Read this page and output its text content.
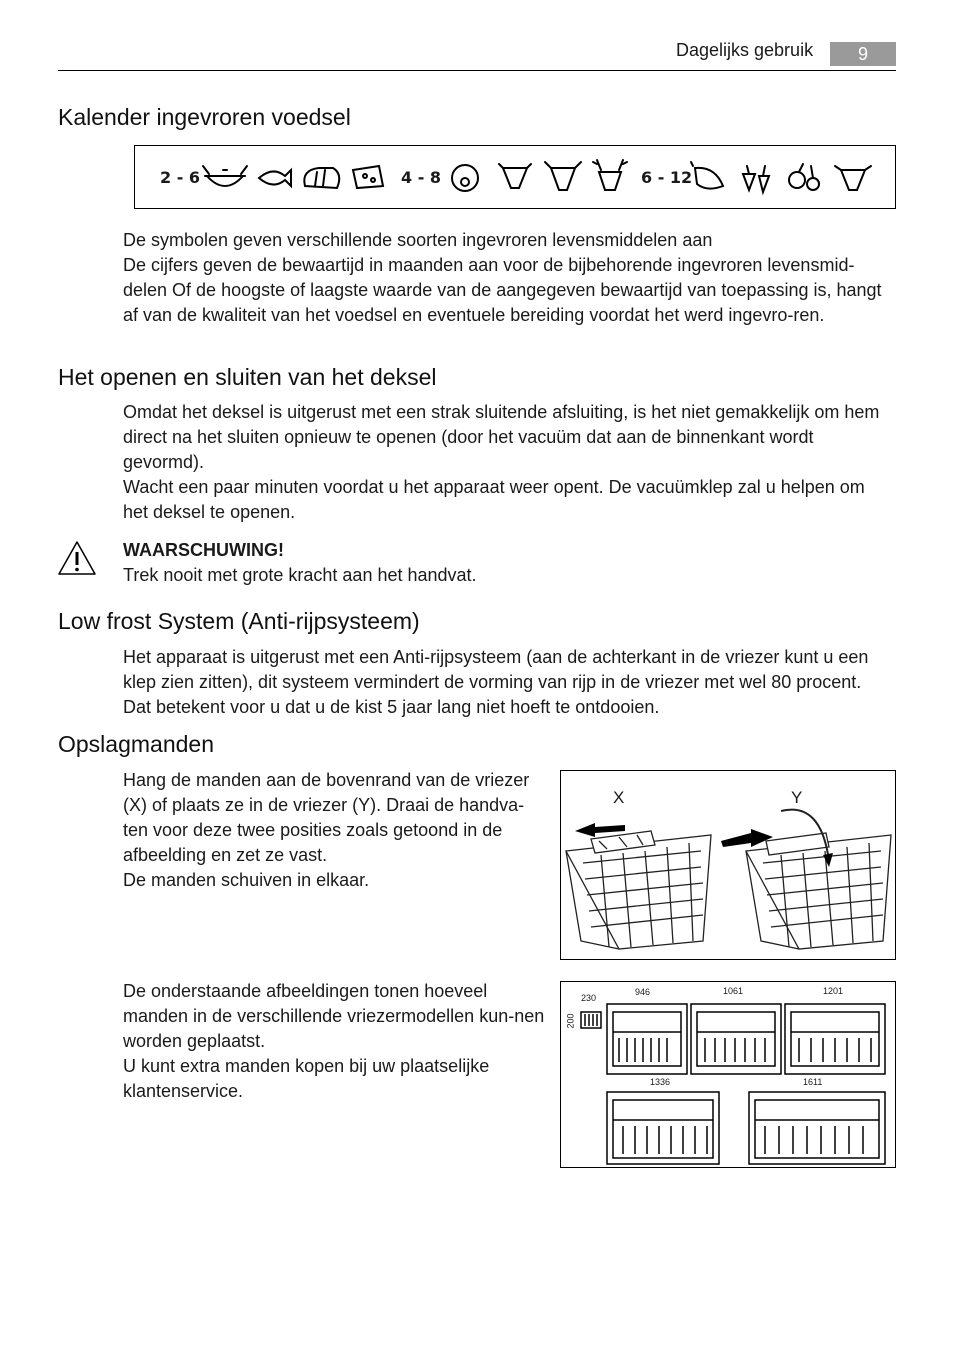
Dagelijks gebruik	9
Kalender ingevroren voedsel
2 - 6	4 - 8	6 - 12

De symbolen geven verschillende soorten ingevroren levensmiddelen aan

De cijfers geven de bewaartijd in maanden aan voor de bijbehorende ingevroren levensmid-delen Of de hoogste of laagste waarde van de aangegeven bewaartijd van toepassing is, hangt af van de kwaliteit van het voedsel en eventuele bereiding voordat het werd ingevro-ren.

Het openen en sluiten van het deksel

Omdat het deksel is uitgerust met een strak sluitende afsluiting, is het niet gemakkelijk om hem direct na het sluiten opnieuw te openen (door het vacuüm dat aan de binnenkant wordt gevormd).

Wacht een paar minuten voordat u het apparaat weer opent. De vacuümklep zal u helpen om het deksel te openen.

WAARSCHUWING!

Trek nooit met grote kracht aan het handvat.

Low frost System (Anti-rijpsysteem)

Het apparaat is uitgerust met een Anti-rijpsysteem (aan de achterkant in de vriezer kunt u een klep zien zitten), dit systeem vermindert de vorming van rijp in de vriezer met wel 80 procent. Dat betekent voor u dat u de kist 5 jaar lang niet hoeft te ontdooien.

Opslagmanden

Hang de manden aan de bovenrand van de vriezer (X) of plaats ze in de vriezer (Y). Draai de handva-ten voor deze twee posities zoals getoond in de afbeelding en zet ze vast.

De manden schuiven in elkaar.

X	Y

De onderstaande afbeeldingen tonen hoeveel manden in de verschillende vriezermodellen kun-nen worden geplaatst.

U kunt extra manden kopen bij uw plaatselijke klantenservice.

230
200
946	1061	1201
1336	1611
